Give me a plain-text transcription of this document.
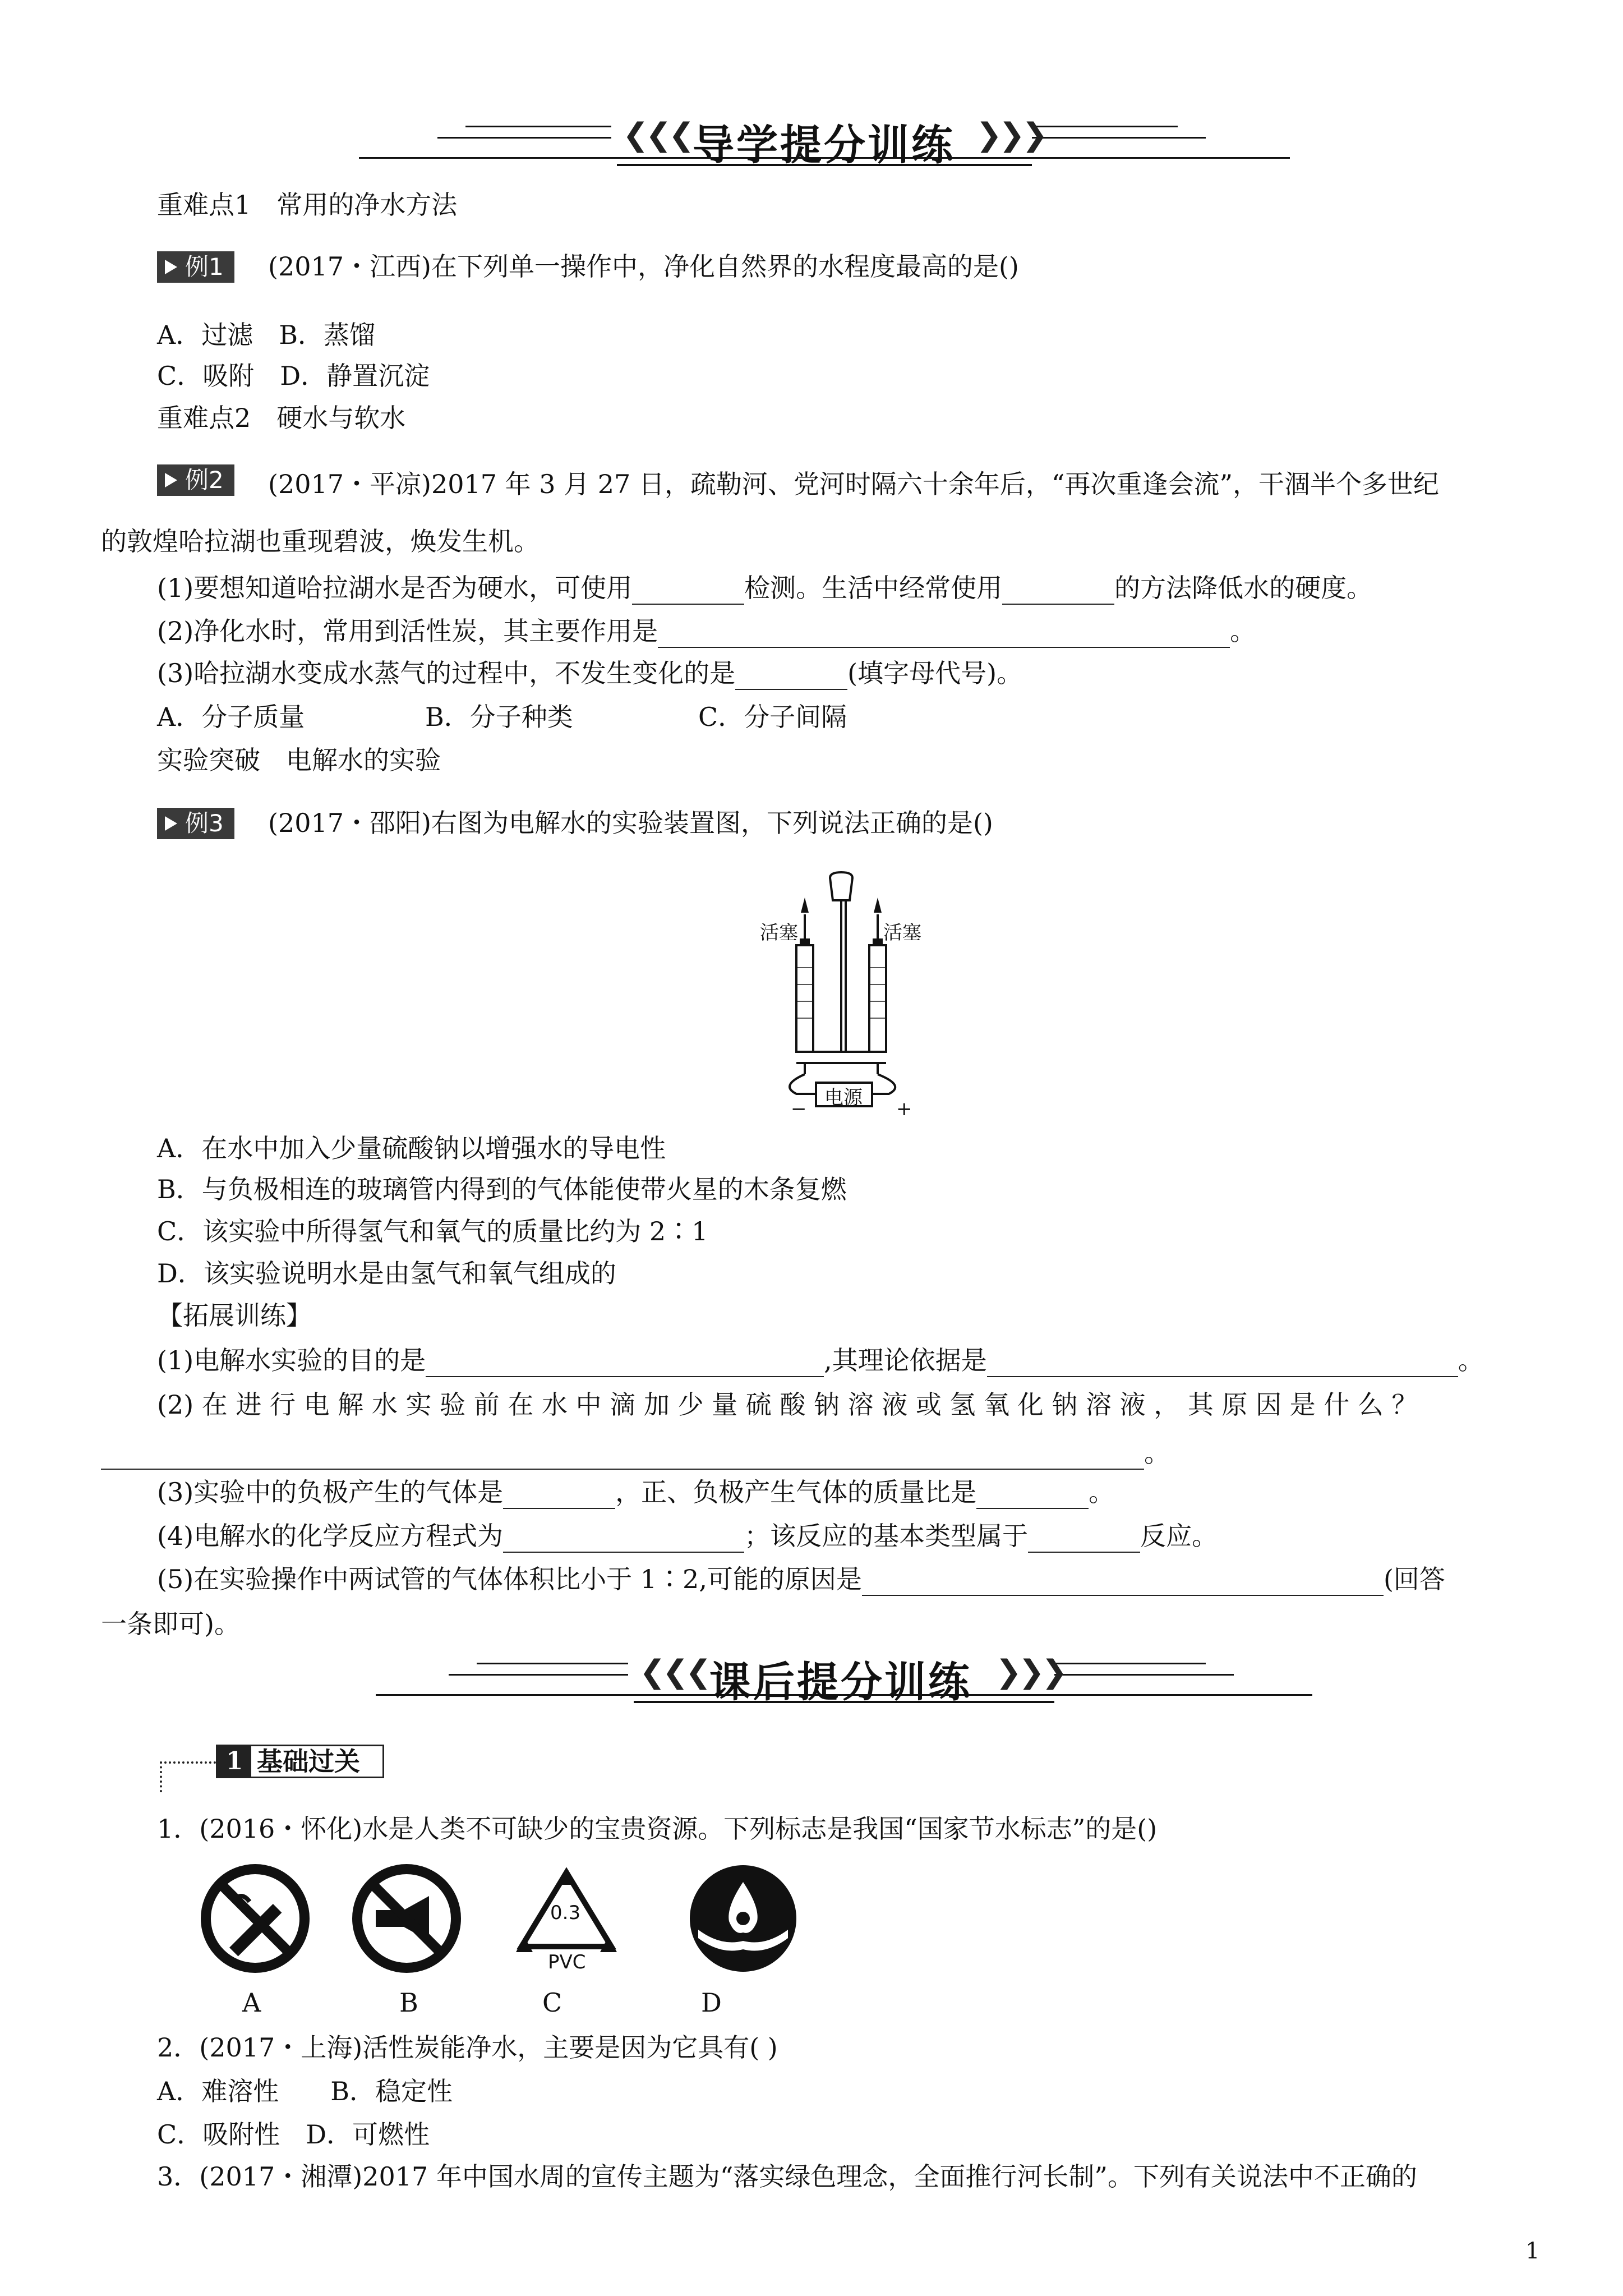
❮❮❮ 导学提分训练 ❯❯❯
重难点1　常用的净水方法
例1	(2017・江西)在下列单一操作中，净化自然界的水程度最高的是()
A．过滤　B．蒸馏
C．吸附　D．静置沉淀
重难点2　硬水与软水
例2	(2017・平凉)2017 年 3 月 27 日，疏勒河、党河时隔六十余年后，“再次重逢会流”，干涸半个多世纪
的敦煌哈拉湖也重现碧波，焕发生机。
(1)要想知道哈拉湖水是否为硬水，可使用	检测。生活中经常使用	的方法降低水的硬度。
(2)净化水时，常用到活性炭，其主要作用是	。
(3)哈拉湖水变成水蒸气的过程中，不发生变化的是	(填字母代号)。
A．分子质量	B．分子种类	C．分子间隔
实验突破　电解水的实验
例3	(2017・邵阳)右图为电解水的实验装置图，下列说法正确的是()
活塞	活塞
电源
−	+
A．在水中加入少量硫酸钠以增强水的导电性
B．与负极相连的玻璃管内得到的气体能使带火星的木条复燃
C．该实验中所得氢气和氧气的质量比约为 2∶1
D．该实验说明水是由氢气和氧气组成的
【拓展训练】
(1)电解水实验的目的是	,其理论依据是	。
(2) 在 进 行 电 解 水 实 验 前 在 水 中 滴 加 少 量 硫 酸 钠 溶 液 或 氢 氧 化 钠 溶 液 ， 其 原 因 是 什 么 ？
。
(3)实验中的负极产生的气体是	，正、负极产生气体的质量比是	。
(4)电解水的化学反应方程式为	；该反应的基本类型属于	反应。
(5)在实验操作中两试管的气体体积比小于 1∶2,可能的原因是	(回答
一条即可)。
❮❮❮ 课后提分训练 ❯❯❯
1 基础过关
1．(2016・怀化)水是人类不可缺少的宝贵资源。下列标志是我国“国家节水标志”的是()
0.3
PVC
A	B	C	D
2．(2017・上海)活性炭能净水，主要是因为它具有( )
A．难溶性　　B．稳定性
C．吸附性　D．可燃性
3．(2017・湘潭)2017 年中国水周的宣传主题为“落实绿色理念，全面推行河长制”。下列有关说法中不正确的
1
